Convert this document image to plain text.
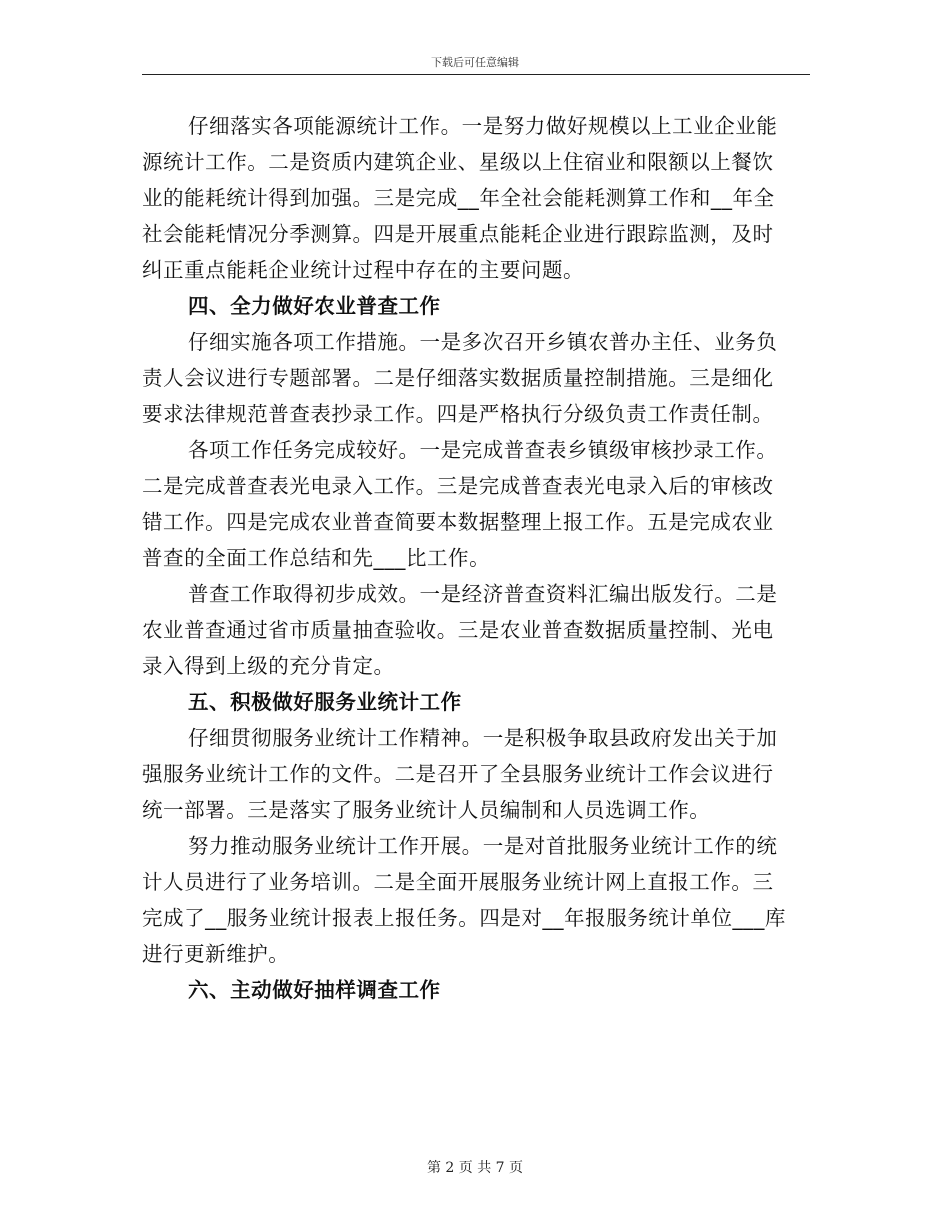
下载后可任意编辑
仔细落实各项能源统计工作。一是努力做好规模以上工业企业能
源统计工作。二是资质内建筑企业、星级以上住宿业和限额以上餐饮
业的能耗统计得到加强。三是完成__年全社会能耗测算工作和__年全
社会能耗情况分季测算。四是开展重点能耗企业进行跟踪监测，及时
纠正重点能耗企业统计过程中存在的主要问题。
四、全力做好农业普查工作
仔细实施各项工作措施。一是多次召开乡镇农普办主任、业务负
责人会议进行专题部署。二是仔细落实数据质量控制措施。三是细化
要求法律规范普查表抄录工作。四是严格执行分级负责工作责任制。
各项工作任务完成较好。一是完成普查表乡镇级审核抄录工作。
二是完成普查表光电录入工作。三是完成普查表光电录入后的审核改
错工作。四是完成农业普查简要本数据整理上报工作。五是完成农业
普查的全面工作总结和先___比工作。
普查工作取得初步成效。一是经济普查资料汇编出版发行。二是
农业普查通过省市质量抽查验收。三是农业普查数据质量控制、光电
录入得到上级的充分肯定。
五、积极做好服务业统计工作
仔细贯彻服务业统计工作精神。一是积极争取县政府发出关于加
强服务业统计工作的文件。二是召开了全县服务业统计工作会议进行
统一部署。三是落实了服务业统计人员编制和人员选调工作。
努力推动服务业统计工作开展。一是对首批服务业统计工作的统
计人员进行了业务培训。二是全面开展服务业统计网上直报工作。三
完成了__服务业统计报表上报任务。四是对__年报服务统计单位___库
进行更新维护。
六、主动做好抽样调查工作
第 2 页 共 7 页
